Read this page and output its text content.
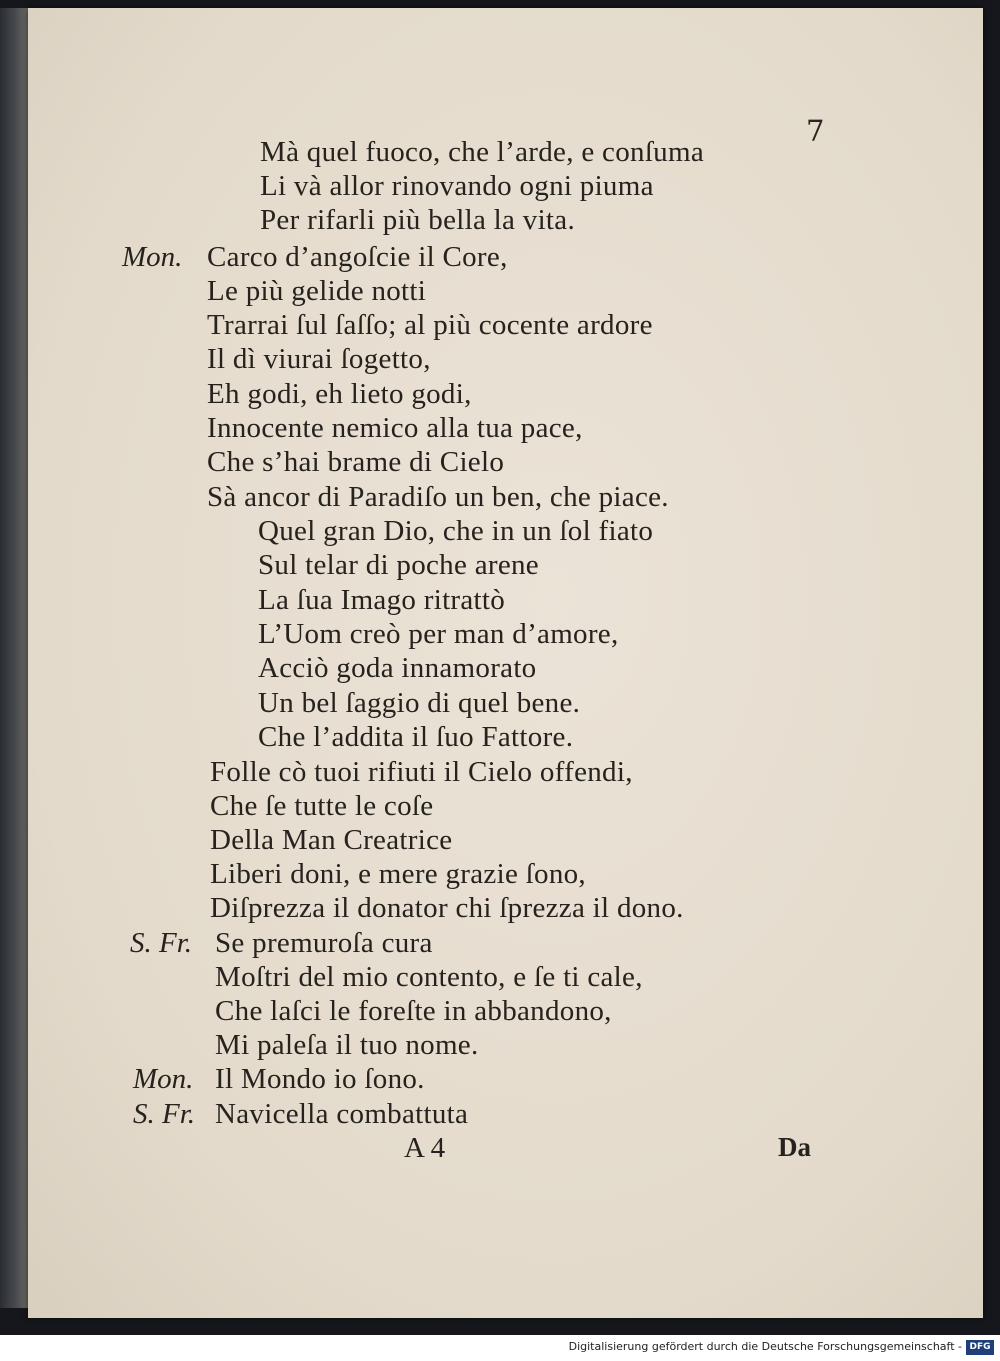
7
Mà quel fuoco, che l’arde, e conſuma
Li và allor rinovando ogni piuma
Per rifarli più bella la vita.
Mon. Carco d’angoſcie il Core,
Le più gelide notti
Trarrai ſul ſaſſo; al più cocente ardore
Il dì viurai ſogetto,
Eh godi, eh lieto godi,
Innocente nemico alla tua pace,
Che s’hai brame di Cielo
Sà ancor di Paradiſo un ben, che piace.
Quel gran Dio, che in un ſol fiato
Sul telar di poche arene
La ſua Imago ritrattò
L’Uom creò per man d’amore,
Acciò goda innamorato
Un bel ſaggio di quel bene.
Che l’addita il ſuo Fattore.
Folle cò tuoi rifiuti il Cielo offendi,
Che ſe tutte le coſe
Della Man Creatrice
Liberi doni, e mere grazie ſono,
Diſprezza il donator chi ſprezza il dono.
S. Fr. Se premuroſa cura
Moſtri del mio contento, e ſe ti cale,
Che laſci le foreſte in abbandono,
Mi paleſa il tuo nome.
Mon. Il Mondo io ſono.
S. Fr. Navicella combattuta
A 4	Da
Digitalisierung gefördert durch die Deutsche Forschungsgemeinschaft - DFG
